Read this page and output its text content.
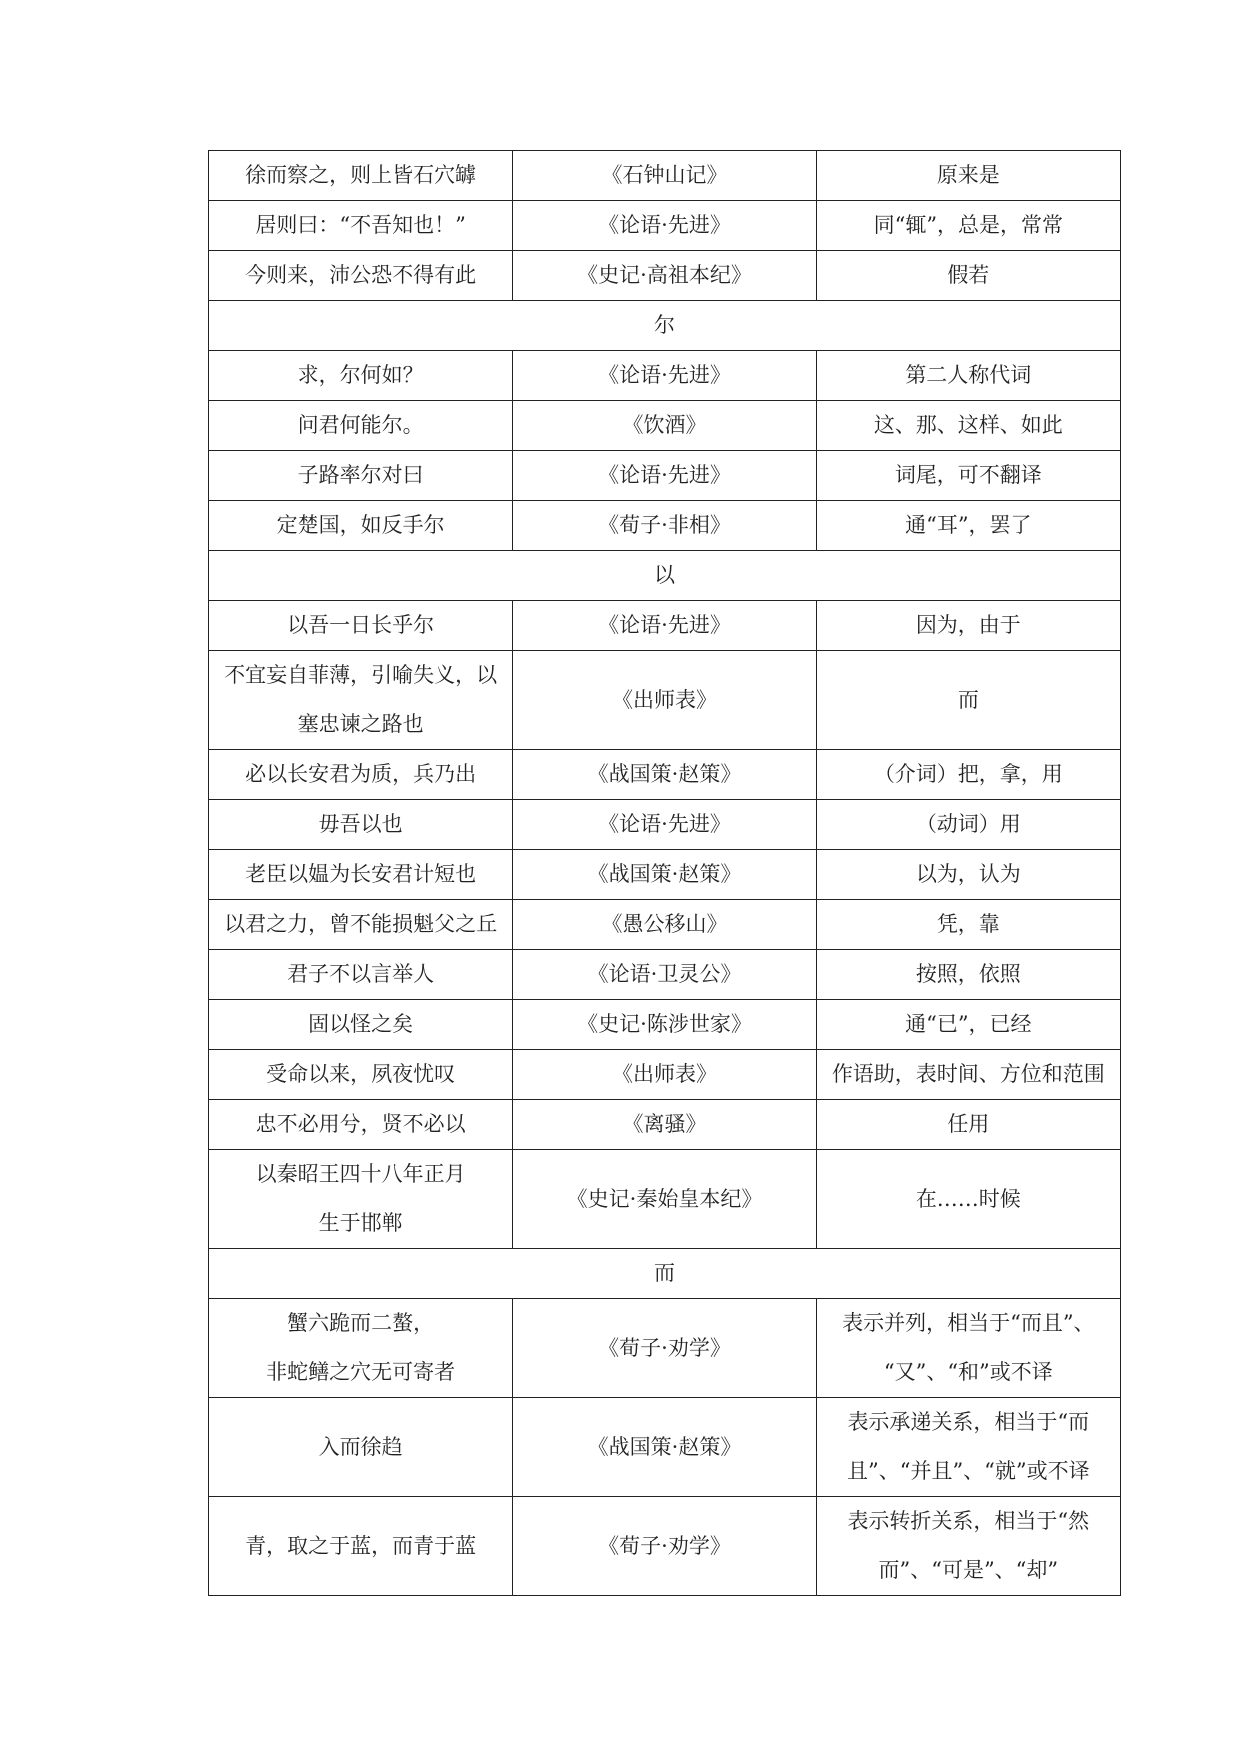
徐而察之，则上皆石穴罅	《石钟山记》	原来是

居则曰：“不吾知也！”	《论语·先进》	同“辄”，总是，常常

今则来，沛公恐不得有此	《史记·高祖本纪》	假若

尔		

求，尔何如？	《论语·先进》	第二人称代词

问君何能尔。	《饮酒》	这、那、这样、如此

子路率尔对曰	《论语·先进》	词尾，可不翻译

定楚国，如反手尔	《荀子·非相》	通“耳”，罢了

以		

以吾一日长乎尔	《论语·先进》	因为，由于

不宜妄自菲薄，引喻失义，以
塞忠谏之路也	《出师表》	而

必以长安君为质，兵乃出	《战国策·赵策》	（介词）把，拿，用

毋吾以也	《论语·先进》	（动词）用

老臣以媪为长安君计短也	《战国策·赵策》	以为，认为

以君之力，曾不能损魁父之丘	《愚公移山》	凭，靠

君子不以言举人	《论语·卫灵公》	按照，依照

固以怪之矣	《史记·陈涉世家》	通“已”，已经

受命以来，夙夜忧叹	《出师表》	作语助，表时间、方位和范围

忠不必用兮，贤不必以	《离骚》	任用

以秦昭王四十八年正月
生于邯郸	《史记·秦始皇本纪》	在……时候

而		

蟹六跪而二螯，
非蛇鳝之穴无可寄者	《荀子·劝学》	表示并列，相当于“而且”、
“又”、“和”或不译

入而徐趋	《战国策·赵策》	表示承递关系，相当于“而
且”、“并且”、“就”或不译

青，取之于蓝，而青于蓝	《荀子·劝学》	表示转折关系，相当于“然
而”、“可是”、“却”
